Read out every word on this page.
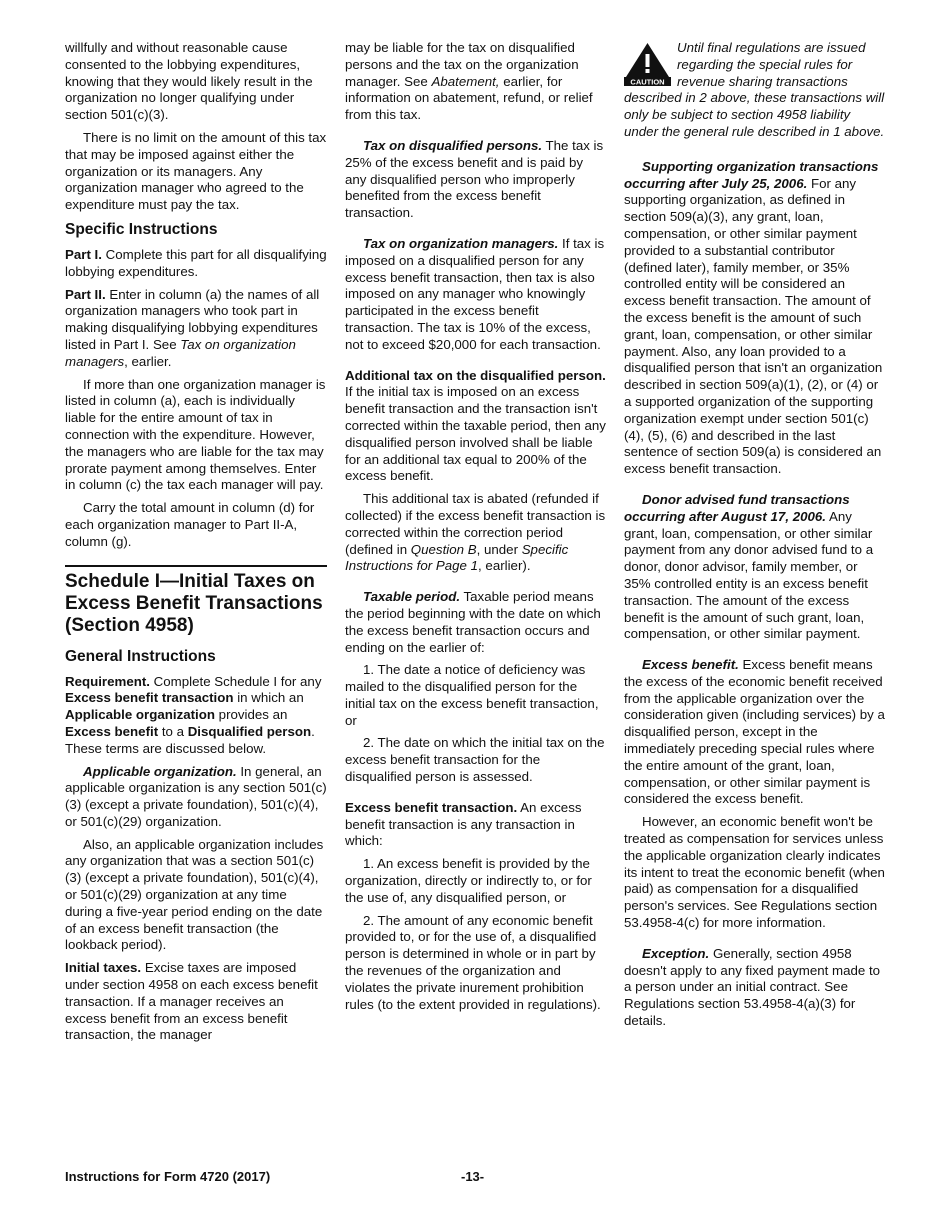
willfully and without reasonable cause consented to the lobbying expenditures, knowing that they would likely result in the organization no longer qualifying under section 501(c)(3).

There is no limit on the amount of this tax that may be imposed against either the organization or its managers. Any organization manager who agreed to the expenditure must pay the tax.

Specific Instructions

Part I. Complete this part for all disqualifying lobbying expenditures.

Part II. Enter in column (a) the names of all organization managers who took part in making disqualifying lobbying expenditures listed in Part I. See Tax on organization managers, earlier.

If more than one organization manager is listed in column (a), each is individually liable for the entire amount of tax in connection with the expenditure. However, the managers who are liable for the tax may prorate payment among themselves. Enter in column (c) the tax each manager will pay.

Carry the total amount in column (d) for each organization manager to Part II-A, column (g).

Schedule I—Initial Taxes on Excess Benefit Transactions (Section 4958)
General Instructions

Requirement. Complete Schedule I for any Excess benefit transaction in which an Applicable organization provides an Excess benefit to a Disqualified person. These terms are discussed below.

Applicable organization. In general, an applicable organization is any section 501(c)(3) (except a private foundation), 501(c)(4), or 501(c)(29) organization.

Also, an applicable organization includes any organization that was a section 501(c)(3) (except a private foundation), 501(c)(4), or 501(c)(29) organization at any time during a five-year period ending on the date of an excess benefit transaction (the lookback period).

Initial taxes. Excise taxes are imposed under section 4958 on each excess benefit transaction. If a manager receives an excess benefit from an excess benefit transaction, the manager

may be liable for the tax on disqualified persons and the tax on the organization manager. See Abatement, earlier, for information on abatement, refund, or relief from this tax.

Tax on disqualified persons. The tax is 25% of the excess benefit and is paid by any disqualified person who improperly benefited from the excess benefit transaction.

Tax on organization managers. If tax is imposed on a disqualified person for any excess benefit transaction, then tax is also imposed on any manager who knowingly participated in the excess benefit transaction. The tax is 10% of the excess, not to exceed $20,000 for each transaction.

Additional tax on the disqualified person. If the initial tax is imposed on an excess benefit transaction and the transaction isn't corrected within the taxable period, then any disqualified person involved shall be liable for an additional tax equal to 200% of the excess benefit.

This additional tax is abated (refunded if collected) if the excess benefit transaction is corrected within the correction period (defined in Question B, under Specific Instructions for Page 1, earlier).

Taxable period. Taxable period means the period beginning with the date on which the excess benefit transaction occurs and ending on the earlier of:

1. The date a notice of deficiency was mailed to the disqualified person for the initial tax on the excess benefit transaction, or

2. The date on which the initial tax on the excess benefit transaction for the disqualified person is assessed.

Excess benefit transaction. An excess benefit transaction is any transaction in which:

1. An excess benefit is provided by the organization, directly or indirectly to, or for the use of, any disqualified person, or

2. The amount of any economic benefit provided to, or for the use of, a disqualified person is determined in whole or in part by the revenues of the organization and violates the private inurement prohibition rules (to the extent provided in regulations).

CAUTION

Until final regulations are issued regarding the special rules for revenue sharing transactions described in 2 above, these transactions will only be subject to section 4958 liability under the general rule described in 1 above.

Supporting organization transactions occurring after July 25, 2006. For any supporting organization, as defined in section 509(a)(3), any grant, loan, compensation, or other similar payment provided to a substantial contributor (defined later), family member, or 35% controlled entity will be considered an excess benefit transaction. The amount of the excess benefit is the amount of such grant, loan, compensation, or other similar payment. Also, any loan provided to a disqualified person that isn't an organization described in section 509(a)(1), (2), or (4) or a supported organization of the supporting organization exempt under section 501(c)(4), (5), (6) and described in the last sentence of section 509(a) is considered an excess benefit transaction.

Donor advised fund transactions occurring after August 17, 2006. Any grant, loan, compensation, or other similar payment from any donor advised fund to a donor, donor advisor, family member, or 35% controlled entity is an excess benefit transaction. The amount of the excess benefit is the amount of such grant, loan, compensation, or other similar payment.

Excess benefit. Excess benefit means the excess of the economic benefit received from the applicable organization over the consideration given (including services) by a disqualified person, except in the immediately preceding special rules where the entire amount of the grant, loan, compensation, or other similar payment is considered the excess benefit.

However, an economic benefit won't be treated as compensation for services unless the applicable organization clearly indicates its intent to treat the economic benefit (when paid) as compensation for a disqualified person's services. See Regulations section 53.4958-4(c) for more information.

Exception. Generally, section 4958 doesn't apply to any fixed payment made to a person under an initial contract. See Regulations section 53.4958-4(a)(3) for details.

Instructions for Form 4720 (2017)	-13-
